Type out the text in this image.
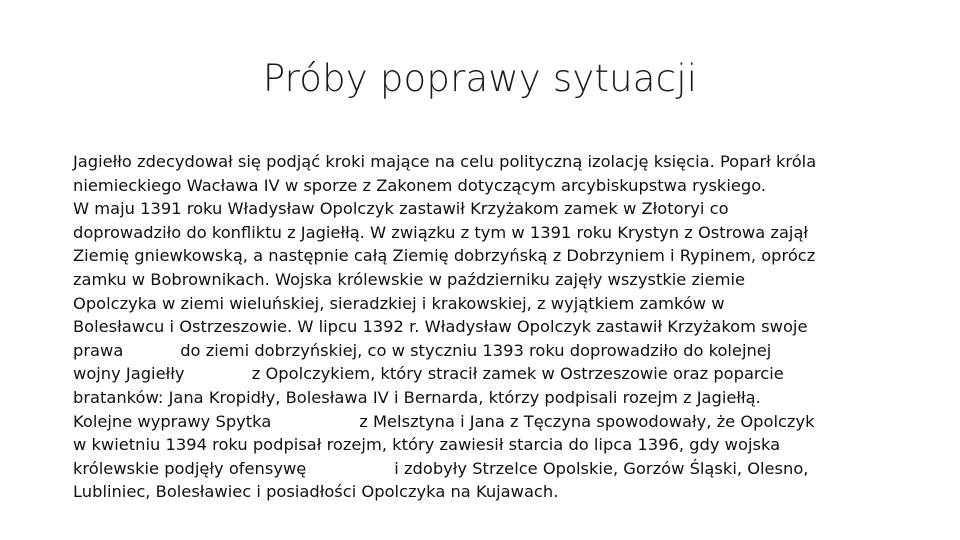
Próby poprawy sytuacji
Jagiełło zdecydował się podjąć kroki mające na celu polityczną izolację księcia. Poparł króla
niemieckiego Wacława IV w sporze z Zakonem dotyczącym arcybiskupstwa ryskiego.
W maju 1391 roku Władysław Opolczyk zastawił Krzyżakom zamek w Złotoryi co
doprowadziło do konfliktu z Jagiełłą. W związku z tym w 1391 roku Krystyn z Ostrowa zajął
Ziemię gniewkowską, a następnie całą Ziemię dobrzyńską z Dobrzyniem i Rypinem, oprócz
zamku w Bobrownikach. Wojska królewskie w październiku zajęły wszystkie ziemie
Opolczyka w ziemi wieluńskiej, sieradzkiej i krakowskiej, z wyjątkiem zamków w
Bolesławcu i Ostrzeszowie. W lipcu 1392 r. Władysław Opolczyk zastawił Krzyżakom swoje
prawa           do ziemi dobrzyńskiej, co w styczniu 1393 roku doprowadziło do kolejnej
wojny Jagiełły             z Opolczykiem, który stracił zamek w Ostrzeszowie oraz poparcie
bratanków: Jana Kropidły, Bolesława IV i Bernarda, którzy podpisali rozejm z Jagiełłą.
Kolejne wyprawy Spytka                 z Melsztyna i Jana z Tęczyna spowodowały, że Opolczyk
w kwietniu 1394 roku podpisał rozejm, który zawiesił starcia do lipca 1396, gdy wojska
królewskie podjęły ofensywę                 i zdobyły Strzelce Opolskie, Gorzów Śląski, Olesno,
Lubliniec, Bolesławiec i posiadłości Opolczyka na Kujawach.
